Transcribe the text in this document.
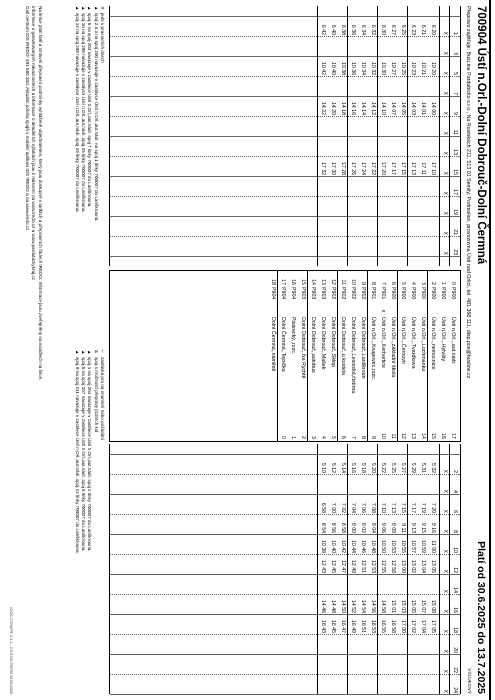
700904 Ústí n.Orl.-Dolní Dobrouč-Dolní Čermná
Platí od 30.6.2025 do 13.7.2025
Přepravu zajišťuje: BusLine Pardubicko s.r.o., Na Rovinkách 211, 513 01 Semily, Podmolice, provozovna Ústí nad Orlicí, tel. 481 368 111, disp.pce@busline.cz
VÝLUKOVÝ
1
3
5
7
9
11
13
15
17
19
21
23
X
X
X
X
X
X
X
X
X
X
X
X
6 20
10 20
14 00
17 10
6 21
10 21
14 01
17 11
6 23
10 23
14 03
17 13
6 25
10 25
14 05
17 15
6 27
10 27
14 07
17 17
6 30
10 30
14 10
17 20
6 32
10 32
14 12
17 22
6 34
10 34
14 14
17 24
6 36
10 36
14 16
17 26
6 38
10 38
14 18
17 28
6 40
10 40
14 20
17 30
6 42
10 42
14 22
17 32
0
P900
Ústí n.Orl.,,aut.nádr.
17
1
P900
Ústí n.Orl.,,Hylváty
16
2
P900
Ústí n.Orl.,,nemocnice
15
3
P900
Ústí n.Orl.,,Lochmanka
14
4
P900
Ústí n.Orl.,,Tvardkova
13
5
P900
Ústí n.Orl.,,Černovír
12
6
P900
Ústí n.Orl.,,základní škola
11
7
P901
x
Ústí n.Orl.,,Kerhartice
10
8
P901
Ústí n.Orl.,,Knapovec,rozc.
9
9
P902
Dolní Dobrouč,,Lanškroun
8
10
P902
Dolní Dobrouč,,Lesnická,čistírna
7
11
P902
Dolní Dobrouč,,u kostela
6
12
P902
Dolní Dobrouč,,Sklep
5
13
P903
Dolní Dobrouč,,Mašek
4
14
P903
Dolní Dobrouč,,autobus
3
15
P903
Dolní Dobrouč,,Na Rychtě
2
16
P904
Pisárecký,,rozc.
1
17
P904
Dolní Čermná,,Tejnička
0
18
P904
Dolní Čermná,,náměstí
2
4
6
8
10
12
14
16
18
20
22
24
X
X
X
X
X
X
X
X
X
X
X
X
5 32
7 20
9 16
11 00
13 05
15 08
17 05
5 31
7 19
9 15
10 59
13 04
15 07
17 04
5 29
7 17
9 13
10 57
13 02
15 05
17 02
5 27
7 15
9 11
10 55
13 00
15 03
17 00
5 25
7 13
9 09
10 53
12 58
15 01
16 58
5 22
7 10
9 06
10 50
12 55
14 58
16 55
5 20
7 08
9 04
10 48
12 53
14 56
16 53
5 18
7 06
9 02
10 46
12 51
14 54
16 51
5 16
7 04
9 00
10 44
12 49
14 52
16 49
5 14
7 02
8 58
10 42
12 47
14 50
16 47
5 12
7 00
8 56
10 40
12 45
14 48
16 45
5 10
6 58
8 54
10 38
12 43
14 46
16 43
✕jede v pracovních dnech
▲spoj 2 a 3 na spoj 200 navazuje v zastávce Ústí n.Orl.,aut.nádr. na spoj 1 linky 700007 do Lanškrouna.
▲spoj 6 na spoj 204 navazuje v zastávce Ústí n.Orl.,aut.nádr. spoj 7 linky 700007 do Lanškrouna.
▲spoj 10 na spoj 206 navazuje v zastávce Ústí n.Orl.,aut.nádr. spoj 15 linky 700007 do Lanškrouna.
▲spoj 14 na spoj 208 navazuje v zastávce Ústí n.Orl.,aut.nádr. spoj 19 linky 700007 do Lanškrouna.
⌐zastávka pro na znamení nebo požádání
&spoj s možností přepravy jízdních kol
▲spoj 1 na spoj 201 navazuje v zastávce Ústí n.Orl.,aut.nádr. spoj 2 linky 700007 do Lanškrouna.
▲spoj 5 na spoj 207 navazuje v zastávce Ústí n.Orl.,aut.nádr. spoj 6 linky 700007 do Lanškrouna.
▲spoj 9 na spoj 211 navazuje v zastávce Ústí n.Orl.,aut.nádr. spoj 12 linky 700007 do Lanškrouna.
Na linice platí tarif a smluvní přepravní podmínky vyhlášené objednatelem, který jsou dostupné v tarifách a přepravních řádech IREDO. Informace jsou zveřejněny na vozidlech na lince.
Informace o garantovaných návaznostech a informace o aktuálních výlukách jsou k nalezení na www.iredo.cz a www.pardubickykraj.cz
Call centrum IDS IREDO: 491 580 333, Aktuální poloha spojů v mobilní aplikaci IDS IREDO a na www.iredo.cz
IDOS-CYRAP® 4.4.1 - 2.0.9726 PB703 26.06.2025
